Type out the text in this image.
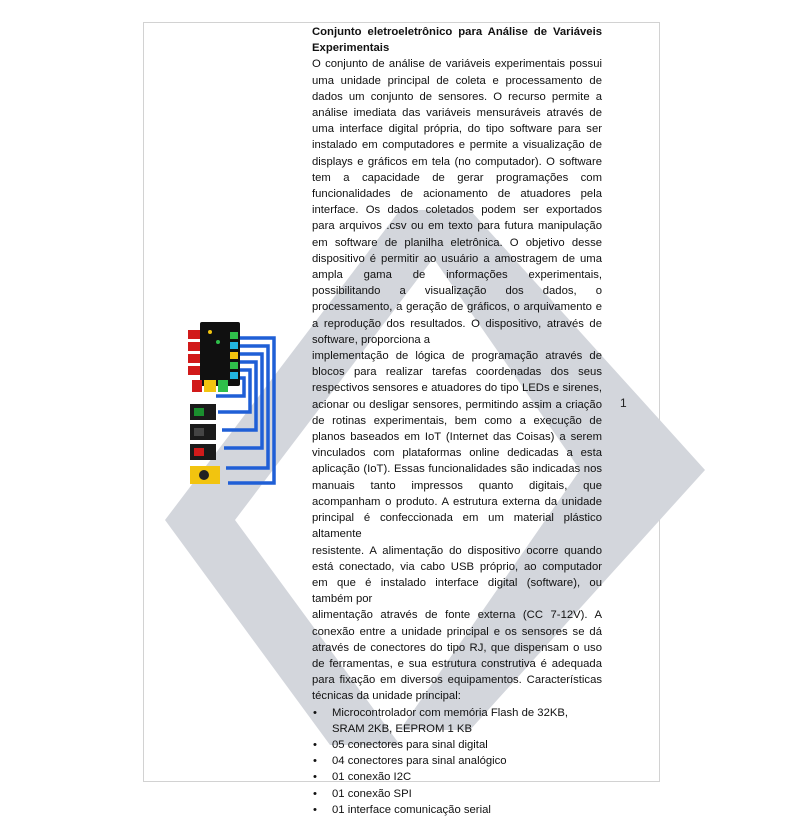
Conjunto eletroeletrônico para Análise de Variáveis Experimentais

O conjunto de análise de variáveis experimentais possui uma unidade principal de coleta e processamento de dados um conjunto de sensores. O recurso permite a análise imediata das variáveis mensuráveis através de uma interface digital própria, do tipo software para ser instalado em computadores e permite a visualização de displays e gráficos em tela (no computador). O software tem a capacidade de gerar programações com funcionalidades de acionamento de atuadores pela interface. Os dados coletados podem ser exportados para arquivos .csv ou em texto para futura manipulação em software de planilha eletrônica. O objetivo desse dispositivo é permitir ao usuário a amostragem de uma ampla gama de informações experimentais, possibilitando a visualização dos dados, o processamento, a geração de gráficos, o arquivamento e a reprodução dos resultados. O dispositivo, através de software, proporciona a

implementação de lógica de programação através de blocos para realizar tarefas coordenadas dos seus respectivos sensores e atuadores do tipo LEDs e sirenes, acionar ou desligar sensores, permitindo assim a criação de rotinas experimentais, bem como a execução de planos baseados em IoT (Internet das Coisas) a serem vinculados com plataformas online dedicadas a esta aplicação (IoT). Essas funcionalidades são indicadas nos manuais tanto impressos quanto digitais, que acompanham o produto. A estrutura externa da unidade principal é confeccionada em um material plástico altamente

resistente. A alimentação do dispositivo ocorre quando está conectado, via cabo USB próprio, ao computador em que é instalado interface digital (software), ou também por

alimentação através de fonte externa (CC 7-12V). A conexão entre a unidade principal e os sensores se dá através de conectores do tipo RJ, que dispensam o uso de ferramentas, e sua estrutura construtiva é adequada para fixação em diversos equipamentos. Características técnicas da unidade principal:

• Microcontrolador com memória Flash de 32KB, SRAM 2KB, EEPROM 1 KB
• 05 conectores para sinal digital
• 04 conectores para sinal analógico
• 01 conexão I2C
• 01 conexão SPI
• 01 interface comunicação serial
1
